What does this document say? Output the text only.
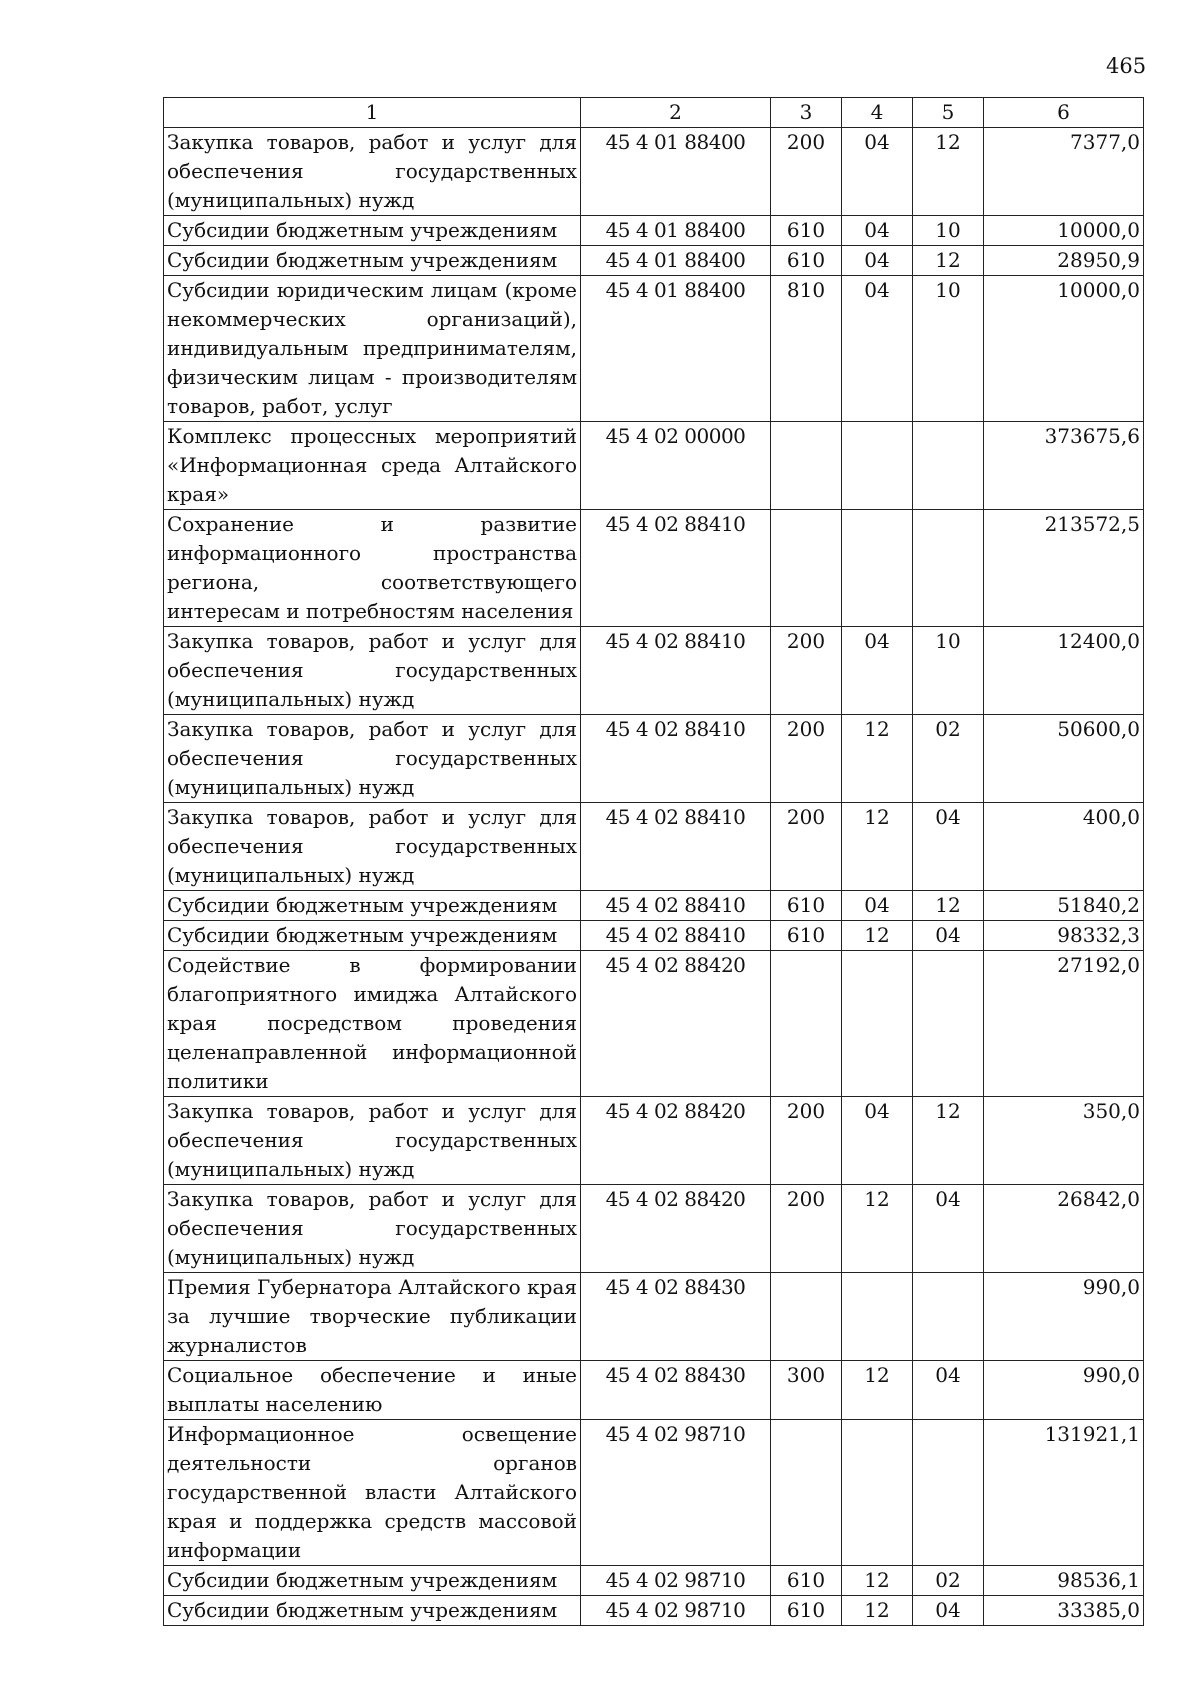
465
1	2	3	4	5	6
Закупка товаров, работ и услуг для обеспечения государственных (муниципальных) нужд	45 4 01 88400	200	04	12	7377,0
Субсидии бюджетным учреждениям	45 4 01 88400	610	04	10	10000,0
Субсидии бюджетным учреждениям	45 4 01 88400	610	04	12	28950,9
Субсидии юридическим лицам (кроме некоммерческих организаций), индивидуальным предпринимателям, физическим лицам - производителям товаров, работ, услуг	45 4 01 88400	810	04	10	10000,0
Комплекс процессных мероприятий «Информационная среда Алтайского края»	45 4 02 00000				373675,6
Сохранение и развитие информационного пространства региона, соответствующего интересам и потребностям населения	45 4 02 88410				213572,5
Закупка товаров, работ и услуг для обеспечения государственных (муниципальных) нужд	45 4 02 88410	200	04	10	12400,0
Закупка товаров, работ и услуг для обеспечения государственных (муниципальных) нужд	45 4 02 88410	200	12	02	50600,0
Закупка товаров, работ и услуг для обеспечения государственных (муниципальных) нужд	45 4 02 88410	200	12	04	400,0
Субсидии бюджетным учреждениям	45 4 02 88410	610	04	12	51840,2
Субсидии бюджетным учреждениям	45 4 02 88410	610	12	04	98332,3
Содействие в формировании благоприятного имиджа Алтайского края посредством проведения целенаправленной информационной политики	45 4 02 88420				27192,0
Закупка товаров, работ и услуг для обеспечения государственных (муниципальных) нужд	45 4 02 88420	200	04	12	350,0
Закупка товаров, работ и услуг для обеспечения государственных (муниципальных) нужд	45 4 02 88420	200	12	04	26842,0
Премия Губернатора Алтайского края за лучшие творческие публикации журналистов	45 4 02 88430				990,0
Социальное обеспечение и иные выплаты населению	45 4 02 88430	300	12	04	990,0
Информационное освещение деятельности органов государственной власти Алтайского края и поддержка средств массовой информации	45 4 02 98710				131921,1
Субсидии бюджетным учреждениям	45 4 02 98710	610	12	02	98536,1
Субсидии бюджетным учреждениям	45 4 02 98710	610	12	04	33385,0
